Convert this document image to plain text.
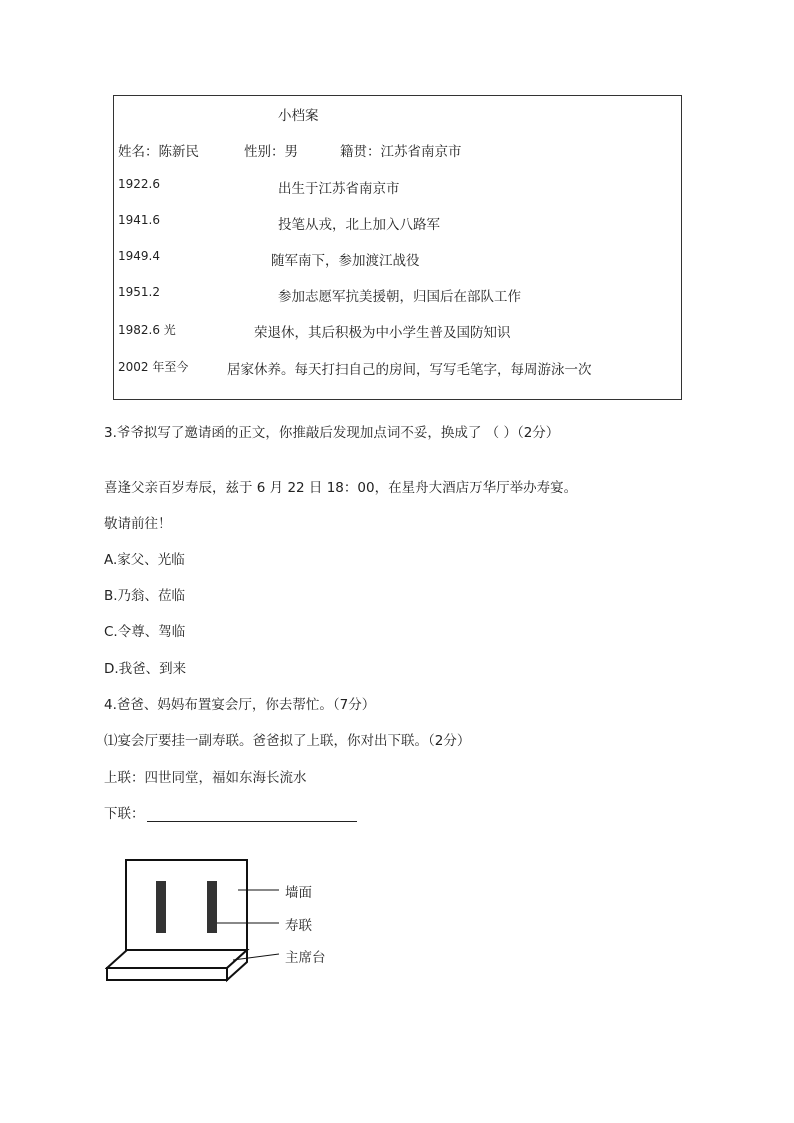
小档案
姓名：陈新民	性别：男	籍贯：江苏省南京市
1922.6	出生于江苏省南京市
1941.6	投笔从戎，北上加入八路军
1949.4	随军南下，参加渡江战役
1951.2	参加志愿军抗美援朝，归国后在部队工作
1982.6 光	荣退休，其后积极为中小学生普及国防知识
2002 年至今	居家休养。每天打扫自己的房间，写写毛笔字，每周游泳一次
3.爷爷拟写了邀请函的正文，你推敲后发现加点词不妥，换成了 （ ）（2分）
喜逢父亲百岁寿辰，兹于 6 月 22 日 18：00，在星舟大酒店万华厅举办寿宴。
敬请前往！
A.家父、光临
B.乃翁、莅临
C.令尊、驾临
D.我爸、到来
4.爸爸、妈妈布置宴会厅，你去帮忙。（7分）
⑴宴会厅要挂一副寿联。爸爸拟了上联，你对出下联。（2分）
上联：四世同堂，福如东海长流水
下联：
墙面
寿联
主席台
